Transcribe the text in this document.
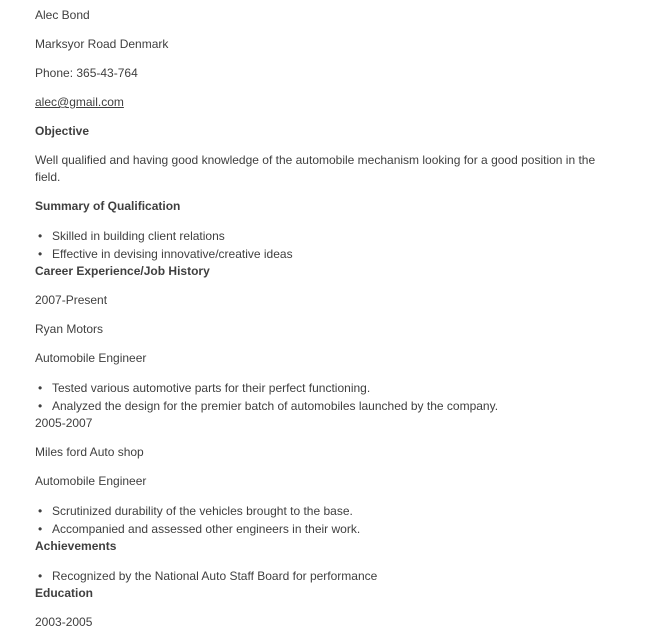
Alec Bond

Marksyor Road Denmark

Phone: 365-43-764

alec@gmail.com

Objective

Well qualified and having good knowledge of the automobile mechanism looking for a good position in the field.

Summary of Qualification

• Skilled in building client relations
• Effective in devising innovative/creative ideas

Career Experience/Job History

2007-Present

Ryan Motors

Automobile Engineer

• Tested various automotive parts for their perfect functioning.
• Analyzed the design for the premier batch of automobiles launched by the company.

2005-2007

Miles ford Auto shop

Automobile Engineer

• Scrutinized durability of the vehicles brought to the base.
• Accompanied and assessed other engineers in their work.

Achievements

• Recognized by the National Auto Staff Board for performance

Education

2003-2005
